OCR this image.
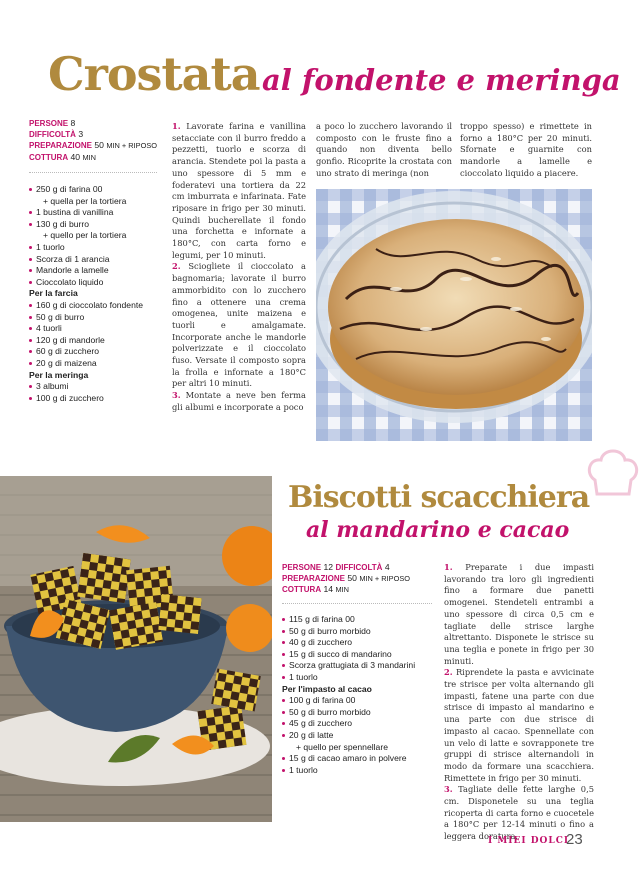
Crostata al fondente e meringa
PERSONE 8
DIFFICOLTÀ 3
PREPARAZIONE 50 MIN + RIPOSO
COTTURA 40 MIN
250 g di farina 00
+ quella per la tortiera
1 bustina di vanillina
130 g di burro
+ quello per la tortiera
1 tuorlo
Scorza di 1 arancia
Mandorle a lamelle
Cioccolato liquido
Per la farcia
160 g di cioccolato fondente
50 g di burro
4 tuorli
120 g di mandorle
60 g di zucchero
20 g di maizena
Per la meringa
3 albumi
100 g di zucchero

1. Lavorate farina e vanillina setacciate con il burro freddo a pezzetti, tuorlo e scorza di arancia. Stendete poi la pasta a uno spessore di 5 mm e foderatevi una tortiera da 22 cm imburrata e infarinata. Fate riposare in frigo per 30 minuti. Quindi bucherellate il fondo una forchetta e infornate a 180°C, con carta forno e legumi, per 10 minuti.

2. Sciogliete il cioccolato a bagnomaria; lavorate il burro ammorbidito con lo zucchero fino a ottenere una crema omogenea, unite maizena e tuorli e amalgamate. Incorporate anche le mandorle polverizzate e il cioccolato fuso. Versate il composto sopra la frolla e infornate a 180°C per altri 10 minuti.

3. Montate a neve ben ferma gli albumi e incorporate a poco

a poco lo zucchero lavorando il composto con le fruste fino a quando non diventa bello gonfio. Ricoprite la crostata con uno strato di meringa (non

troppo spesso) e rimettete in forno a 180°C per 20 minuti. Sfornate e guarnite con mandorle a lamelle e cioccolato liquido a piacere.

Biscotti scacchiera
al mandarino e cacao
PERSONE 12 DIFFICOLTÀ 4
PREPARAZIONE 50 MIN + RIPOSO
COTTURA 14 MIN
115 g di farina 00
50 g di burro morbido
40 g di zucchero
15 g di succo di mandarino
Scorza grattugiata di 3 mandarini
1 tuorlo
Per l'impasto al cacao
100 g di farina 00
50 g di burro morbido
45 g di zucchero
20 g di latte
+ quello per spennellare
15 g di cacao amaro in polvere
1 tuorlo

1. Preparate i due impasti lavorando tra loro gli ingredienti fino a formare due panetti omogenei. Stendeteli entrambi a uno spessore di circa 0,5 cm e tagliate delle strisce larghe altrettanto. Disponete le strisce su una teglia e ponete in frigo per 30 minuti.

2. Riprendete la pasta e avvicinate tre strisce per volta alternando gli impasti, fatene una parte con due strisce di impasto al mandarino e una parte con due strisce di impasto al cacao. Spennellate con un velo di latte e sovrapponete tre gruppi di strisce alternandoli in modo da formare una scacchiera. Rimettete in frigo per 30 minuti.

3. Tagliate delle fette larghe 0,5 cm. Disponetele su una teglia ricoperta di carta forno e cuocetele a 180°C per 12-14 minuti o fino a leggera doratura.

I MIEI DOLCI
23
